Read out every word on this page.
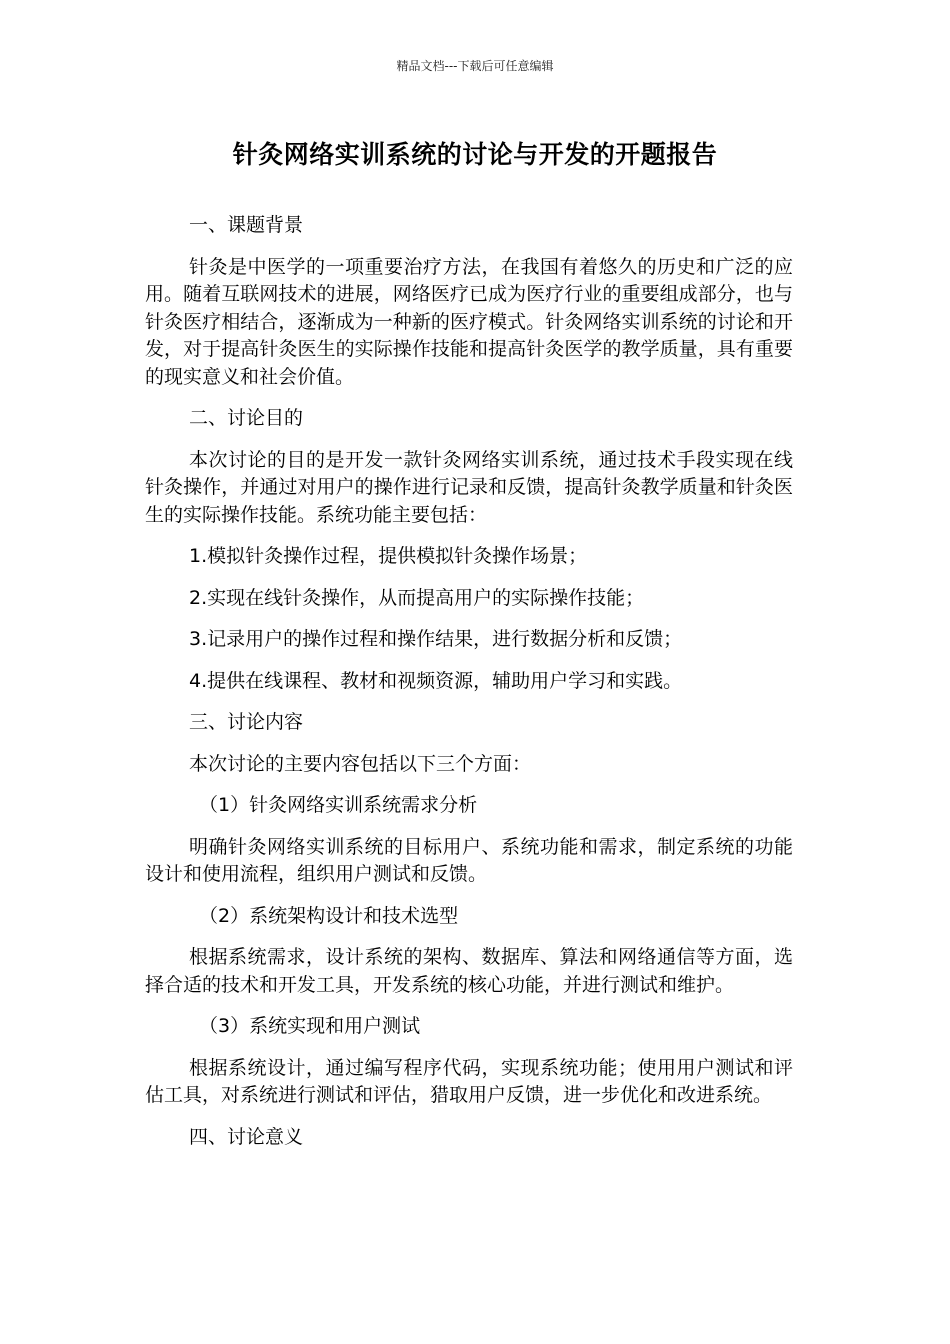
精品文档---下载后可任意编辑
针灸网络实训系统的讨论与开发的开题报告

一、课题背景

针灸是中医学的一项重要治疗方法，在我国有着悠久的历史和广泛的应用。随着互联网技术的进展，网络医疗已成为医疗行业的重要组成部分，也与针灸医疗相结合，逐渐成为一种新的医疗模式。针灸网络实训系统的讨论和开发，对于提高针灸医生的实际操作技能和提高针灸医学的教学质量，具有重要的现实意义和社会价值。

二、讨论目的

本次讨论的目的是开发一款针灸网络实训系统，通过技术手段实现在线针灸操作，并通过对用户的操作进行记录和反馈，提高针灸教学质量和针灸医生的实际操作技能。系统功能主要包括：

1.模拟针灸操作过程，提供模拟针灸操作场景；

2.实现在线针灸操作，从而提高用户的实际操作技能；

3.记录用户的操作过程和操作结果，进行数据分析和反馈；

4.提供在线课程、教材和视频资源，辅助用户学习和实践。

三、讨论内容

本次讨论的主要内容包括以下三个方面：

（1）针灸网络实训系统需求分析

明确针灸网络实训系统的目标用户、系统功能和需求，制定系统的功能设计和使用流程，组织用户测试和反馈。

（2）系统架构设计和技术选型

根据系统需求，设计系统的架构、数据库、算法和网络通信等方面，选择合适的技术和开发工具，开发系统的核心功能，并进行测试和维护。

（3）系统实现和用户测试

根据系统设计，通过编写程序代码，实现系统功能；使用用户测试和评估工具，对系统进行测试和评估，猎取用户反馈，进一步优化和改进系统。

四、讨论意义
